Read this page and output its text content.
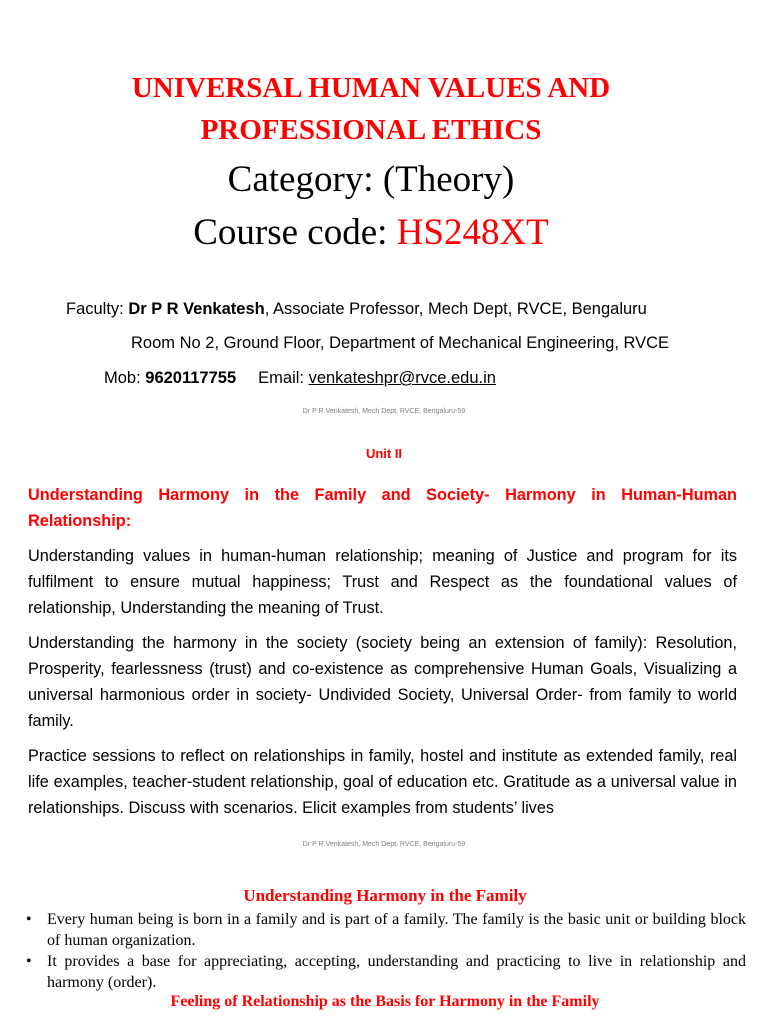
UNIVERSAL HUMAN VALUES AND
PROFESSIONAL ETHICS
Category: (Theory)
Course code: HS248XT
Faculty: Dr P R Venkatesh, Associate Professor, Mech Dept, RVCE, Bengaluru
Room No 2, Ground Floor, Department of Mechanical Engineering, RVCE
Mob: 9620117755 Email: venkateshpr@rvce.edu.in
Dr P R Venkatesh, Mech Dept, RVCE, Bengaluru-59
Unit II
Understanding Harmony in the Family and Society- Harmony in Human-Human Relationship:
Understanding values in human-human relationship; meaning of Justice and program for its fulfilment to ensure mutual happiness; Trust and Respect as the foundational values of relationship, Understanding the meaning of Trust.
Understanding the harmony in the society (society being an extension of family): Resolution, Prosperity, fearlessness (trust) and co-existence as comprehensive Human Goals, Visualizing a universal harmonious order in society- Undivided Society, Universal Order- from family to world family.
Practice sessions to reflect on relationships in family, hostel and institute as extended family, real life examples, teacher-student relationship, goal of education etc. Gratitude as a universal value in relationships. Discuss with scenarios. Elicit examples from students’ lives
Dr P R Venkatesh, Mech Dept, RVCE, Bengaluru-59
Understanding Harmony in the Family
• Every human being is born in a family and is part of a family. The family is the basic unit or building block of human organization.
• It provides a base for appreciating, accepting, understanding and practicing to live in relationship and harmony (order).
Feeling of Relationship as the Basis for Harmony in the Family
